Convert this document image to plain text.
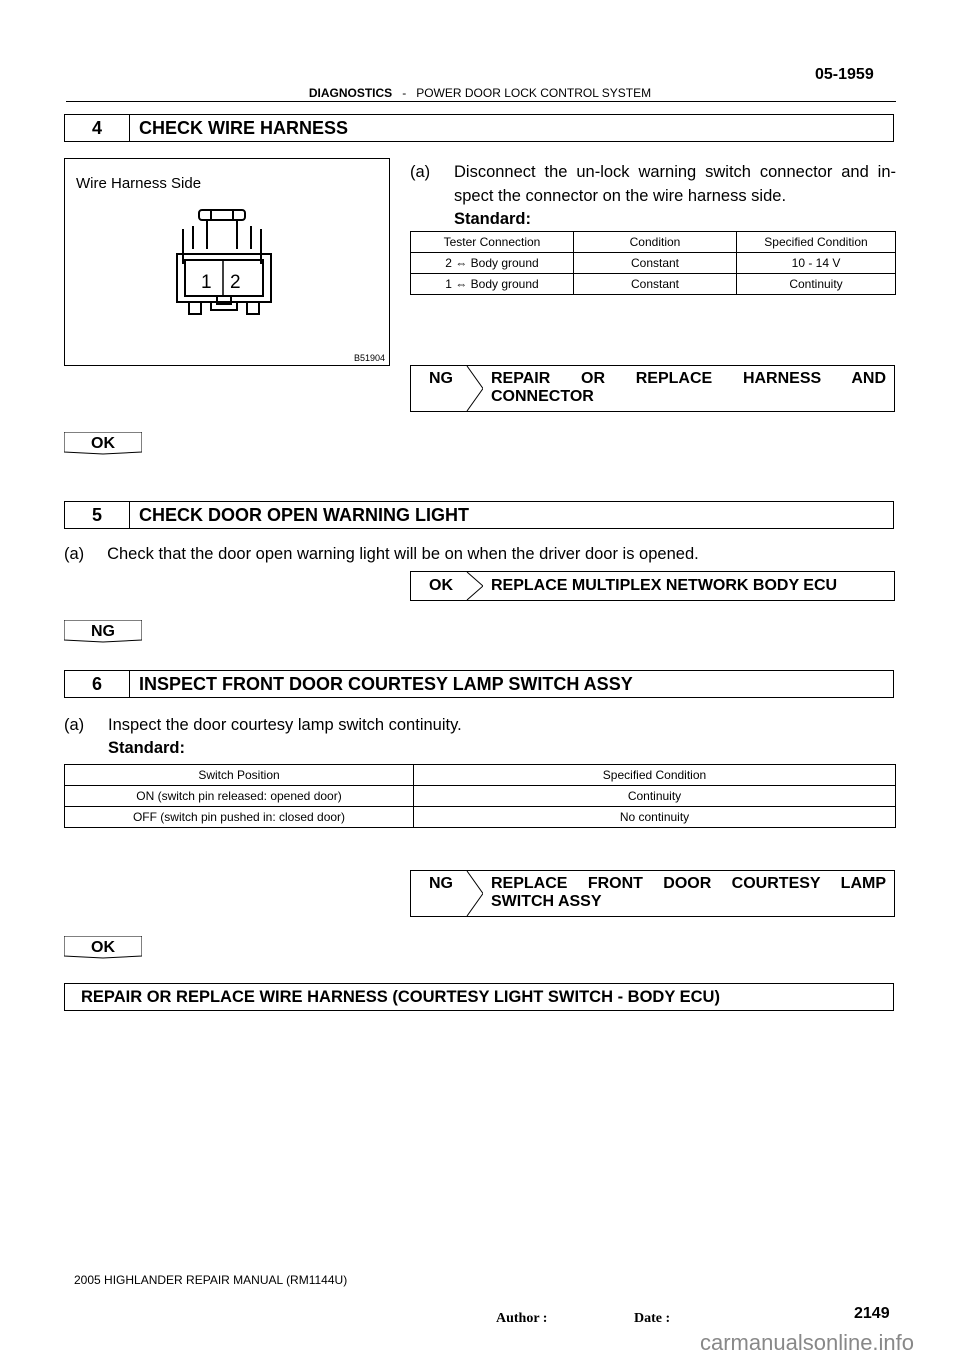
05-1959
DIAGNOSTICS - POWER DOOR LOCK CONTROL SYSTEM
4	CHECK WIRE HARNESS
Wire Harness Side
1 2
B51904
(a) Disconnect the un-lock warning switch connector and in-
spect the connector on the wire harness side.
Standard:
Tester Connection	Condition	Specified Condition
2 ⇔ Body ground	Constant	10 - 14 V
1 ⇔ Body ground	Constant	Continuity
NG REPAIR OR REPLACE HARNESS AND
CONNECTOR
OK
5	CHECK DOOR OPEN WARNING LIGHT
(a)     Check that the door open warning light will be on when the driver door is opened.
OK REPLACE MULTIPLEX NETWORK BODY ECU
NG
6	INSPECT FRONT DOOR COURTESY LAMP SWITCH ASSY
(a) Inspect the door courtesy lamp switch continuity.
Standard:
Switch Position	Specified Condition
ON (switch pin released: opened door)	Continuity
OFF (switch pin pushed in: closed door)	No continuity
NG REPLACE FRONT DOOR COURTESY LAMP
SWITCH ASSY
OK
REPAIR OR REPLACE WIRE HARNESS (COURTESY LIGHT SWITCH - BODY ECU)
2005 HIGHLANDER REPAIR MANUAL (RM1144U)
Author :	Date :	2149
carmanualsonline.info
